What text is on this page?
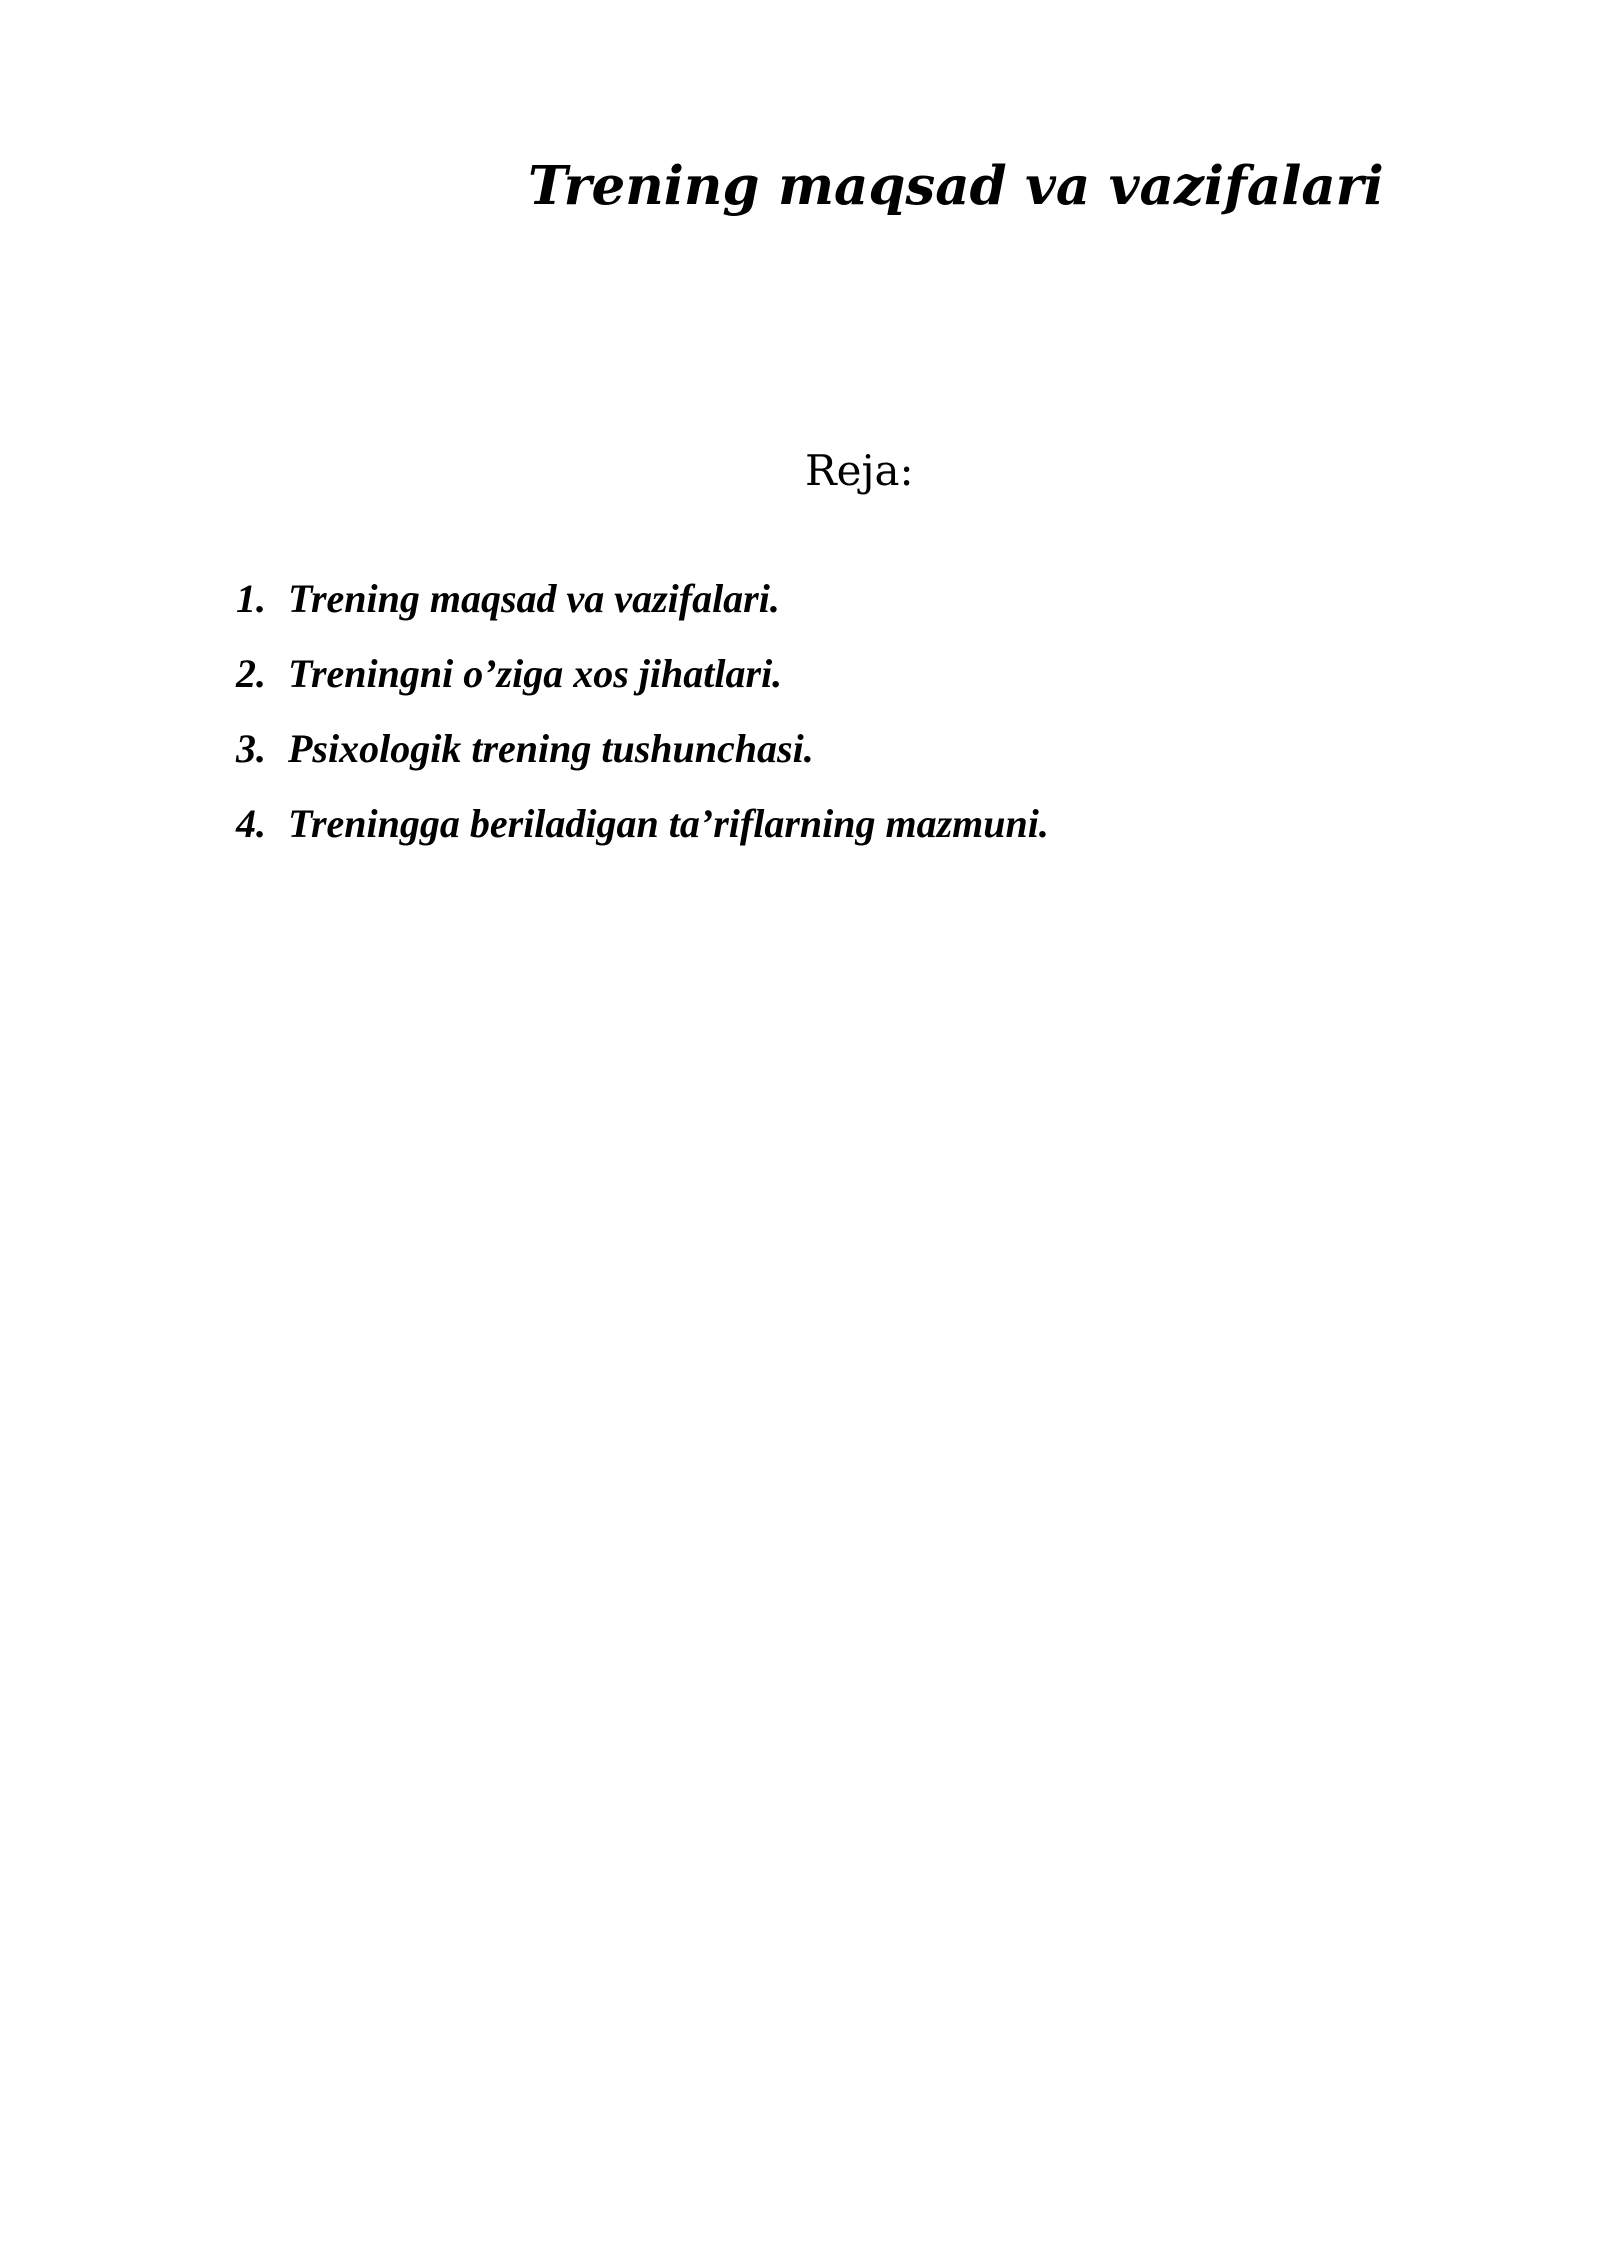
Trening maqsad va vazifalari
Reja:
1. Trening maqsad va vazifalari.
2. Treningni o’ziga xos jihatlari.
3. Psixologik trening tushunchasi.
4. Treningga beriladigan ta’riflarning mazmuni.
